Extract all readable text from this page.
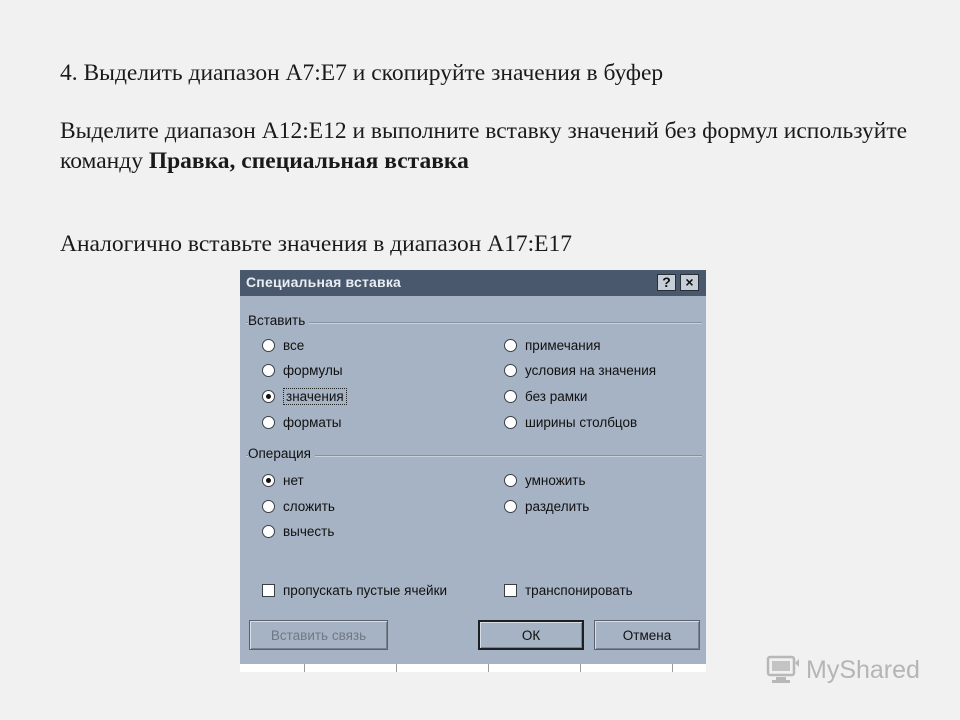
4. Выделить диапазон A7:E7 и скопируйте значения в буфер
Выделите диапазон A12:E12 и выполните вставку значений без формул используйте команду Правка, специальная вставка
Аналогично вставьте значения в диапазон A17:E17
Специальная вставка	?	×
Вставить
все
формулы
значения
форматы
примечания
условия на значения
без рамки
ширины столбцов
Операция
нет
сложить
вычесть
умножить
разделить
пропускать пустые ячейки	транспонировать
Вставить связь	ОК	Отмена
MyShared
